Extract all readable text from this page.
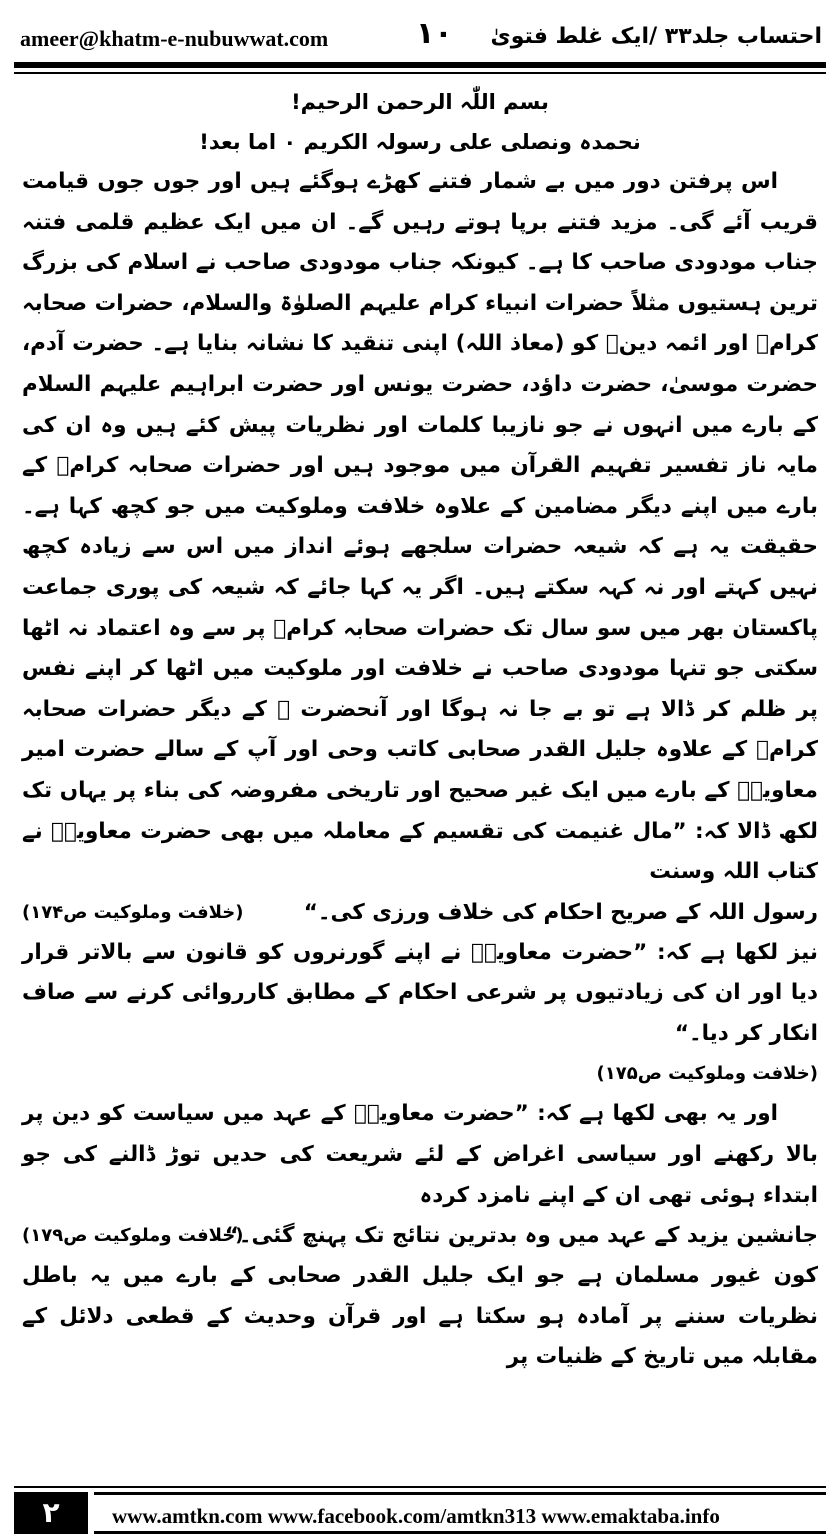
ameer@khatm-e-nubuwwat.com	۱۰ احتساب جلد۳۳ /ایک غلط فتویٰ
بسم اللّٰہ الرحمن الرحیم!
نحمدہ ونصلی علی رسولہ الکریم ۰ اما بعد!

اس پرفتن دور میں بے شمار فتنے کھڑے ہوگئے ہیں اور جوں جوں قیامت قریب آئے گی۔ مزید فتنے برپا ہوتے رہیں گے۔ ان میں ایک عظیم قلمی فتنہ جناب مودودی صاحب کا ہے۔ کیونکہ جناب مودودی صاحب نے اسلام کی بزرگ ترین ہستیوں مثلاً حضرات انبیاء کرام علیہم الصلوٰۃ والسلام، حضرات صحابہ کرامؓ اور ائمہ دینؒ کو (معاذ اللہ) اپنی تنقید کا نشانہ بنایا ہے۔ حضرت آدم، حضرت موسیٰ، حضرت داؤد، حضرت یونس اور حضرت ابراہیم علیہم السلام کے بارے میں انہوں نے جو نازیبا کلمات اور نظریات پیش کئے ہیں وہ ان کی مایہ ناز تفسیر تفہیم القرآن میں موجود ہیں اور حضرات صحابہ کرامؓ کے بارے میں اپنے دیگر مضامین کے علاوہ خلافت وملوکیت میں جو کچھ کہا ہے۔ حقیقت یہ ہے کہ شیعہ حضرات سلجھے ہوئے انداز میں اس سے زیادہ کچھ نہیں کہتے اور نہ کہہ سکتے ہیں۔ اگر یہ کہا جائے کہ شیعہ کی پوری جماعت پاکستان بھر میں سو سال تک حضرات صحابہ کرامؓ پر سے وہ اعتماد نہ اٹھا سکتی جو تنہا مودودی صاحب نے خلافت اور ملوکیت میں اٹھا کر اپنے نفس پر ظلم کر ڈالا ہے تو بے جا نہ ہوگا اور آنحضرت ﷺ کے دیگر حضرات صحابہ کرامؓ کے علاوہ جلیل القدر صحابی کاتب وحی اور آپ کے سالے حضرت امیر معاویہؓ کے بارے میں ایک غیر صحیح اور تاریخی مفروضہ کی بناء پر یہاں تک لکھ ڈالا کہ: ”مال غنیمت کی تقسیم کے معاملہ میں بھی حضرت معاویہؓ نے کتاب اللہ وسنت

رسول اللہ کے صریح احکام کی خلاف ورزی کی۔“
(خلافت وملوکیت ص۱۷۴)

نیز لکھا ہے کہ: ”حضرت معاویہؓ نے اپنے گورنروں کو قانون سے بالاتر قرار دیا اور ان کی زیادتیوں پر شرعی احکام کے مطابق کارروائی کرنے سے صاف انکار کر دیا۔“

(خلافت وملوکیت ص۱۷۵)

اور یہ بھی لکھا ہے کہ: ”حضرت معاویہؓ کے عہد میں سیاست کو دین پر بالا رکھنے اور سیاسی اغراض کے لئے شریعت کی حدیں توڑ ڈالنے کی جو ابتداء ہوئی تھی ان کے اپنے نامزد کردہ

جانشین یزید کے عہد میں وہ بدترین نتائج تک پہنچ گئی۔“
(خلافت وملوکیت ص۱۷۹)

کون غیور مسلمان ہے جو ایک جلیل القدر صحابی کے بارے میں یہ باطل نظریات سننے پر آمادہ ہو سکتا ہے اور قرآن وحدیث کے قطعی دلائل کے مقابلہ میں تاریخ کے ظنیات پر

۲	www.amtkn.com www.facebook.com/amtkn313 www.emaktaba.info
